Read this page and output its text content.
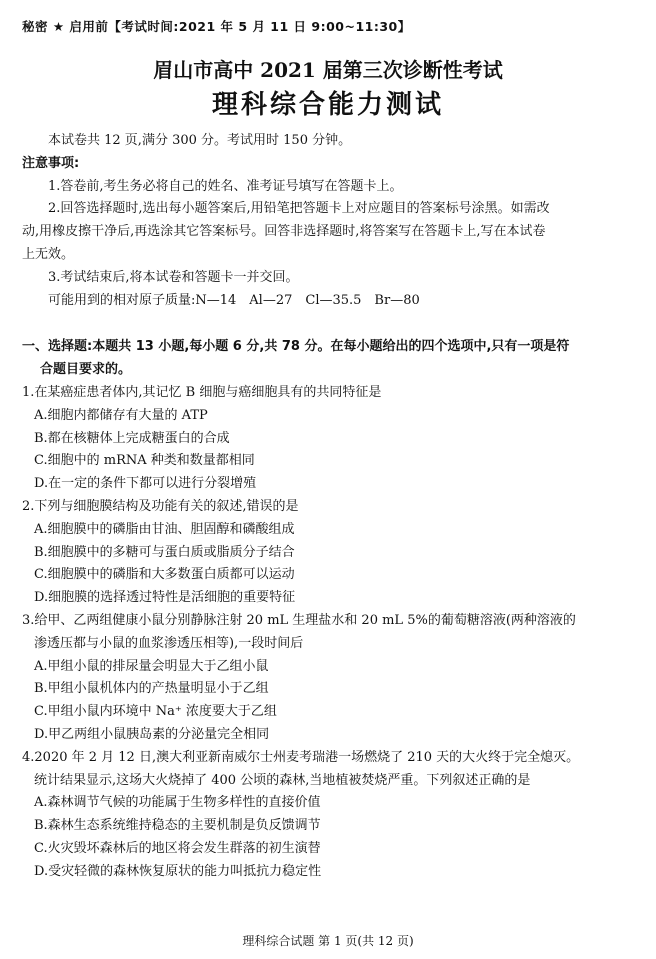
秘密 ★ 启用前【考试时间:2021 年 5 月 11 日 9:00~11:30】
眉山市高中 2021 届第三次诊断性考试
理科综合能力测试
本试卷共 12 页,满分 300 分。考试用时 150 分钟。
注意事项:
1.答卷前,考生务必将自己的姓名、准考证号填写在答题卡上。
2.回答选择题时,选出每小题答案后,用铅笔把答题卡上对应题目的答案标号涂黑。如需改
动,用橡皮擦干净后,再选涂其它答案标号。回答非选择题时,将答案写在答题卡上,写在本试卷
上无效。
3.考试结束后,将本试卷和答题卡一并交回。
可能用到的相对原子质量:N—14　Al—27　Cl—35.5　Br—80
一、选择题:本题共 13 小题,每小题 6 分,共 78 分。在每小题给出的四个选项中,只有一项是符
合题目要求的。
1.在某癌症患者体内,其记忆 B 细胞与癌细胞具有的共同特征是
A.细胞内都储存有大量的 ATP
B.都在核糖体上完成糖蛋白的合成
C.细胞中的 mRNA 种类和数量都相同
D.在一定的条件下都可以进行分裂增殖
2.下列与细胞膜结构及功能有关的叙述,错误的是
A.细胞膜中的磷脂由甘油、胆固醇和磷酸组成
B.细胞膜中的多糖可与蛋白质或脂质分子结合
C.细胞膜中的磷脂和大多数蛋白质都可以运动
D.细胞膜的选择透过特性是活细胞的重要特征
3.给甲、乙两组健康小鼠分别静脉注射 20 mL 生理盐水和 20 mL 5%的葡萄糖溶液(两种溶液的
渗透压都与小鼠的血浆渗透压相等),一段时间后
A.甲组小鼠的排尿量会明显大于乙组小鼠
B.甲组小鼠机体内的产热量明显小于乙组
C.甲组小鼠内环境中 Na⁺ 浓度要大于乙组
D.甲乙两组小鼠胰岛素的分泌量完全相同
4.2020 年 2 月 12 日,澳大利亚新南威尔士州麦考瑞港一场燃烧了 210 天的大火终于完全熄灭。
统计结果显示,这场大火烧掉了 400 公顷的森林,当地植被焚烧严重。下列叙述正确的是
A.森林调节气候的功能属于生物多样性的直接价值
B.森林生态系统维持稳态的主要机制是负反馈调节
C.火灾毁坏森林后的地区将会发生群落的初生演替
D.受灾轻微的森林恢复原状的能力叫抵抗力稳定性
理科综合试题 第 1 页(共 12 页)
